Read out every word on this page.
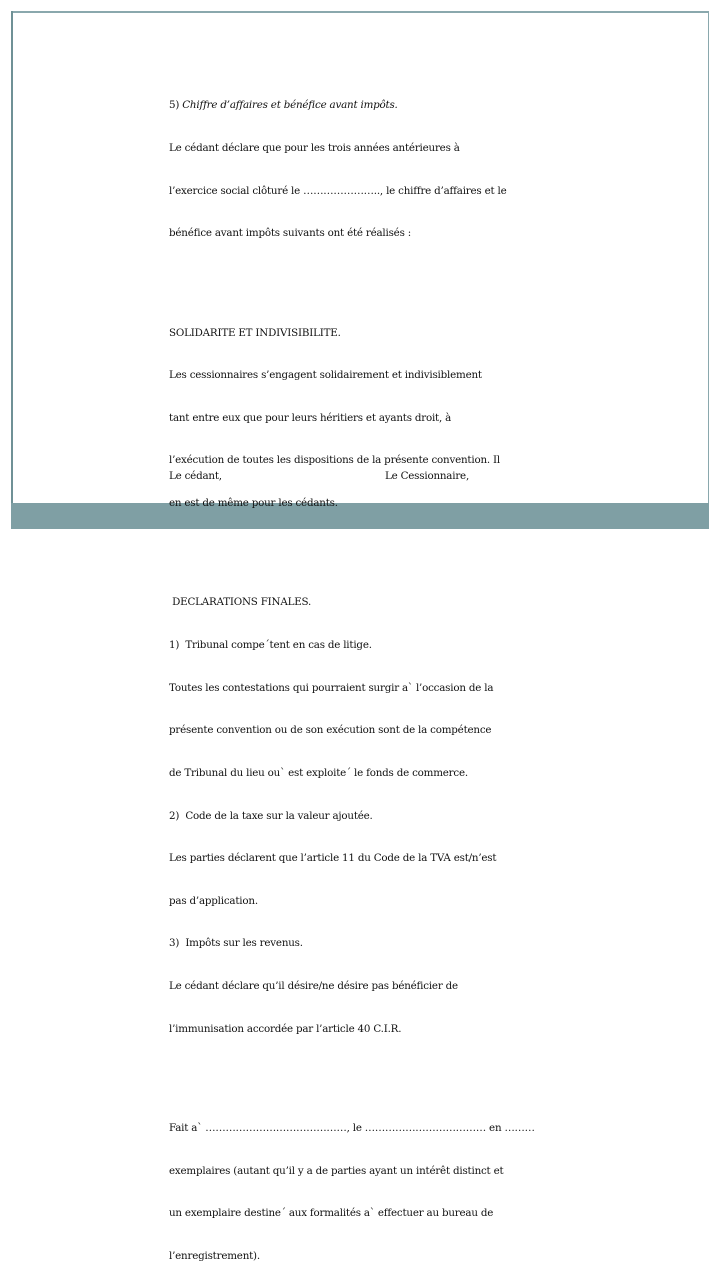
5) Chiffre d’affaires et bénéfice avant impôts.

Le cédant déclare que pour les trois années antérieures à

l’exercice social clôturé le ………………….., le chiffre d’affaires et le

bénéfice avant impôts suivants ont été réalisés :

SOLIDARITE ET INDIVISIBILITE.

Les cessionnaires s’engagent solidairement et indivisiblement

tant entre eux que pour leurs héritiers et ayants droit, à

l’exécution de toutes les dispositions de la présente convention. Il

en est de même pour les cédants.

DECLARATIONS FINALES.

1)  Tribunal compe´tent en cas de litige.

Toutes les contestations qui pourraient surgir a` l’occasion de la

présente convention ou de son exécution sont de la compétence

de Tribunal du lieu ou` est exploite´ le fonds de commerce.

2)  Code de la taxe sur la valeur ajoutée.

Les parties déclarent que l’article 11 du Code de la TVA est/n’est

pas d’application.

3)  Impôts sur les revenus.

Le cédant déclare qu’il désire/ne désire pas bénéficier de

l’immunisation accordée par l’article 40 C.I.R.

Fait a` ……………………………………, le ……………………………… en ………

exemplaires (autant qu’il y a de parties ayant un intérêt distinct et

un exemplaire destine´ aux formalités a` effectuer au bureau de

l’enregistrement).

Le cédant,	Le Cessionnaire,
